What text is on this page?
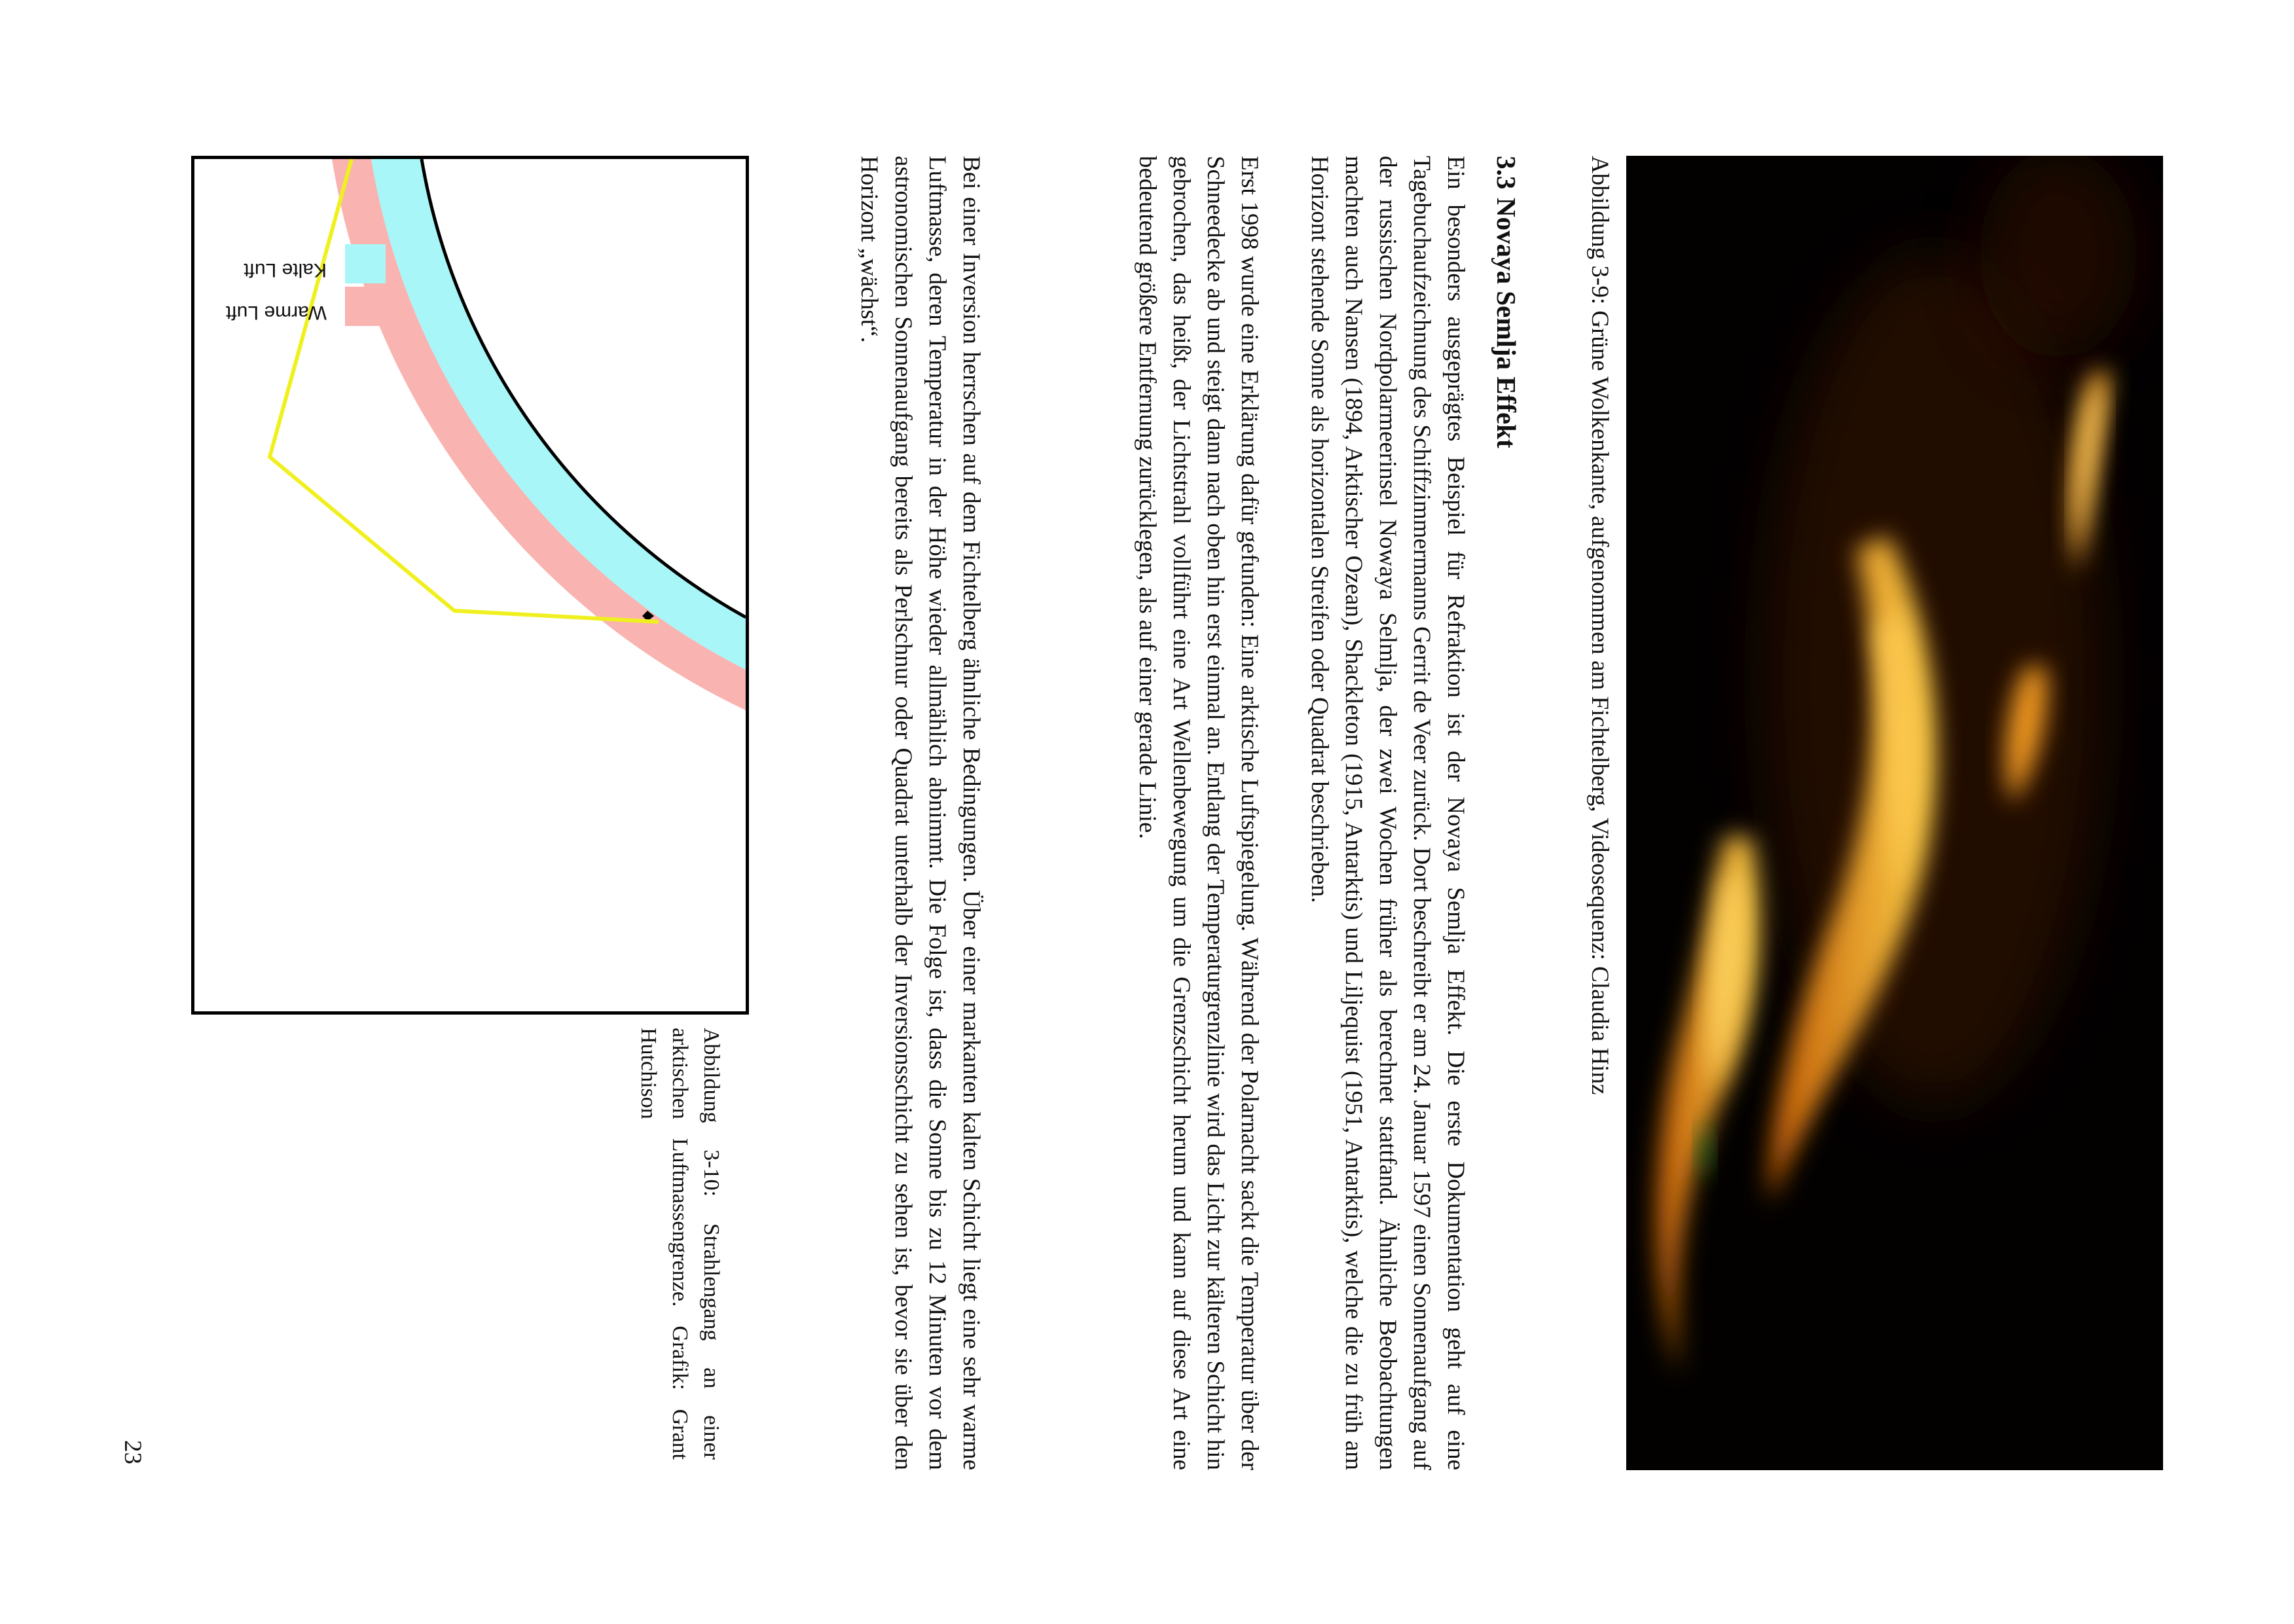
Abbildung 3-9: Grüne Wolkenkante, aufgenommen am Fichtelberg, Videosequenz: Claudia Hinz

3.3Novaya Semlja Effekt

Ein besonders ausgeprägtes Beispiel für Refraktion ist der Novaya Semlja Effekt. Die erste Dokumentation geht auf eine Tagebuchaufzeichnung des Schiffzimmermanns Gerrit de Veer zurück. Dort beschreibt er am 24. Januar 1597 einen Sonnenaufgang auf der russischen Nordpolarmeerinsel Nowaya Selmlja, der zwei Wochen früher als berechnet stattfand. Ähnliche Beobachtungen machten auch Nansen (1894, Arktischer Ozean), Shackleton (1915, Antarktis) und Liljequist (1951, Antarktis), welche die zu früh am Horizont stehende Sonne als horizontalen Streifen oder Quadrat beschrieben.

Erst 1998 wurde eine Erklärung dafür gefunden: Eine arktische Luftspiegelung. Während der Polarnacht sackt die Temperatur über der Schneedecke ab und steigt dann nach oben hin erst einmal an. Entlang der Temperaturgrenzlinie wird das Licht zur kälteren Schicht hin gebrochen, das heißt, der Lichtstrahl vollführt eine Art Wellenbewegung um die Grenzschicht herum und kann auf diese Art eine bedeutend größere Entfernung zurücklegen, als auf einer gerade Linie.

Bei einer Inversion herrschen auf dem Fichtelberg ähnliche Bedingungen. Über einer markanten kalten Schicht liegt eine sehr warme Luftmasse, deren Temperatur in der Höhe wieder allmählich abnimmt. Die Folge ist, dass die Sonne bis zu 12 Minuten vor dem astronomischen Sonnenaufgang bereits als Perlschnur oder Quadrat unterhalb der Inversionsschicht zu sehen ist, bevor sie über den Horizont „wächst“.

Kalte Luft
Warme Luft

Abbildung 3-10: Strahlengang an einer arktischen Luftmassengrenze. Grafik: Grant Hutchison

23
